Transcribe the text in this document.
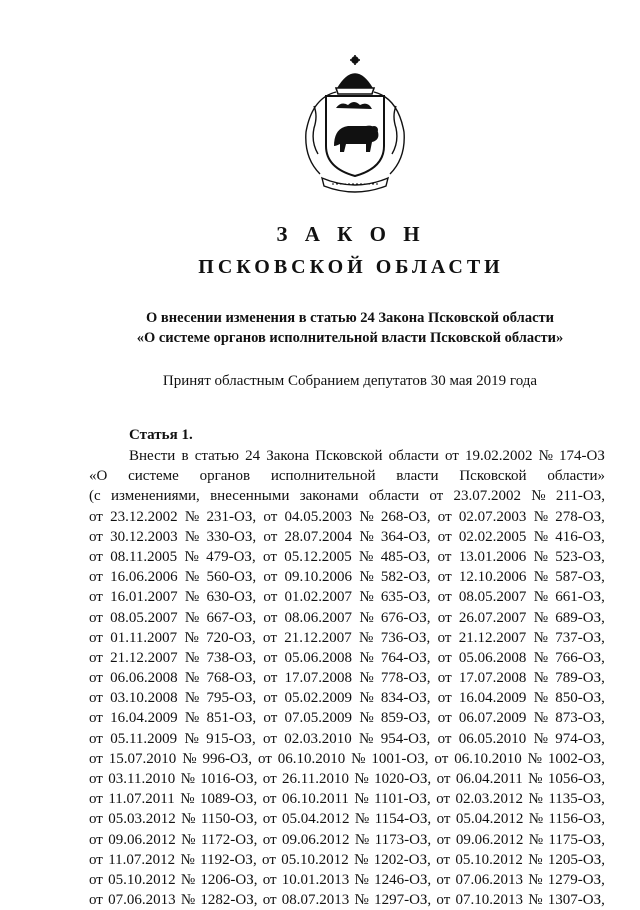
З А К О Н
ПСКОВСКОЙ ОБЛАСТИ
О внесении изменения в статью 24 Закона Псковской области
«О системе органов исполнительной власти Псковской области»
Принят областным Собранием депутатов 30 мая 2019 года
Статья 1.
Внести в статью 24 Закона Псковской области от 19.02.2002 № 174-ОЗ
«О системе органов исполнительной власти Псковской области»
(с изменениями, внесенными законами области от 23.07.2002 № 211-ОЗ,
от 23.12.2002 № 231-ОЗ, от 04.05.2003 № 268-ОЗ, от 02.07.2003 № 278-ОЗ,
от 30.12.2003 № 330-ОЗ, от 28.07.2004 № 364-ОЗ, от 02.02.2005 № 416-ОЗ,
от 08.11.2005 № 479-ОЗ, от 05.12.2005 № 485-ОЗ, от 13.01.2006 № 523-ОЗ,
от 16.06.2006 № 560-ОЗ, от 09.10.2006 № 582-ОЗ, от 12.10.2006 № 587-ОЗ,
от 16.01.2007 № 630-ОЗ, от 01.02.2007 № 635-ОЗ, от 08.05.2007 № 661-ОЗ,
от 08.05.2007 № 667-ОЗ, от 08.06.2007 № 676-ОЗ, от 26.07.2007 № 689-ОЗ,
от 01.11.2007 № 720-ОЗ, от 21.12.2007 № 736-ОЗ, от 21.12.2007 № 737-ОЗ,
от 21.12.2007 № 738-ОЗ, от 05.06.2008 № 764-ОЗ, от 05.06.2008 № 766-ОЗ,
от 06.06.2008 № 768-ОЗ, от 17.07.2008 № 778-ОЗ, от 17.07.2008 № 789-ОЗ,
от 03.10.2008 № 795-ОЗ, от 05.02.2009 № 834-ОЗ, от 16.04.2009 № 850-ОЗ,
от 16.04.2009 № 851-ОЗ, от 07.05.2009 № 859-ОЗ, от 06.07.2009 № 873-ОЗ,
от 05.11.2009 № 915-ОЗ, от 02.03.2010 № 954-ОЗ, от 06.05.2010 № 974-ОЗ,
от 15.07.2010 № 996-ОЗ, от 06.10.2010 № 1001-ОЗ, от 06.10.2010 № 1002-ОЗ,
от 03.11.2010 № 1016-ОЗ, от 26.11.2010 № 1020-ОЗ, от 06.04.2011 № 1056-ОЗ,
от 11.07.2011 № 1089-ОЗ, от 06.10.2011 № 1101-ОЗ, от 02.03.2012 № 1135-ОЗ,
от 05.03.2012 № 1150-ОЗ, от 05.04.2012 № 1154-ОЗ, от 05.04.2012 № 1156-ОЗ,
от 09.06.2012 № 1172-ОЗ, от 09.06.2012 № 1173-ОЗ, от 09.06.2012 № 1175-ОЗ,
от 11.07.2012 № 1192-ОЗ, от 05.10.2012 № 1202-ОЗ, от 05.10.2012 № 1205-ОЗ,
от 05.10.2012 № 1206-ОЗ, от 10.01.2013 № 1246-ОЗ, от 07.06.2013 № 1279-ОЗ,
от 07.06.2013 № 1282-ОЗ, от 08.07.2013 № 1297-ОЗ, от 07.10.2013 № 1307-ОЗ,
